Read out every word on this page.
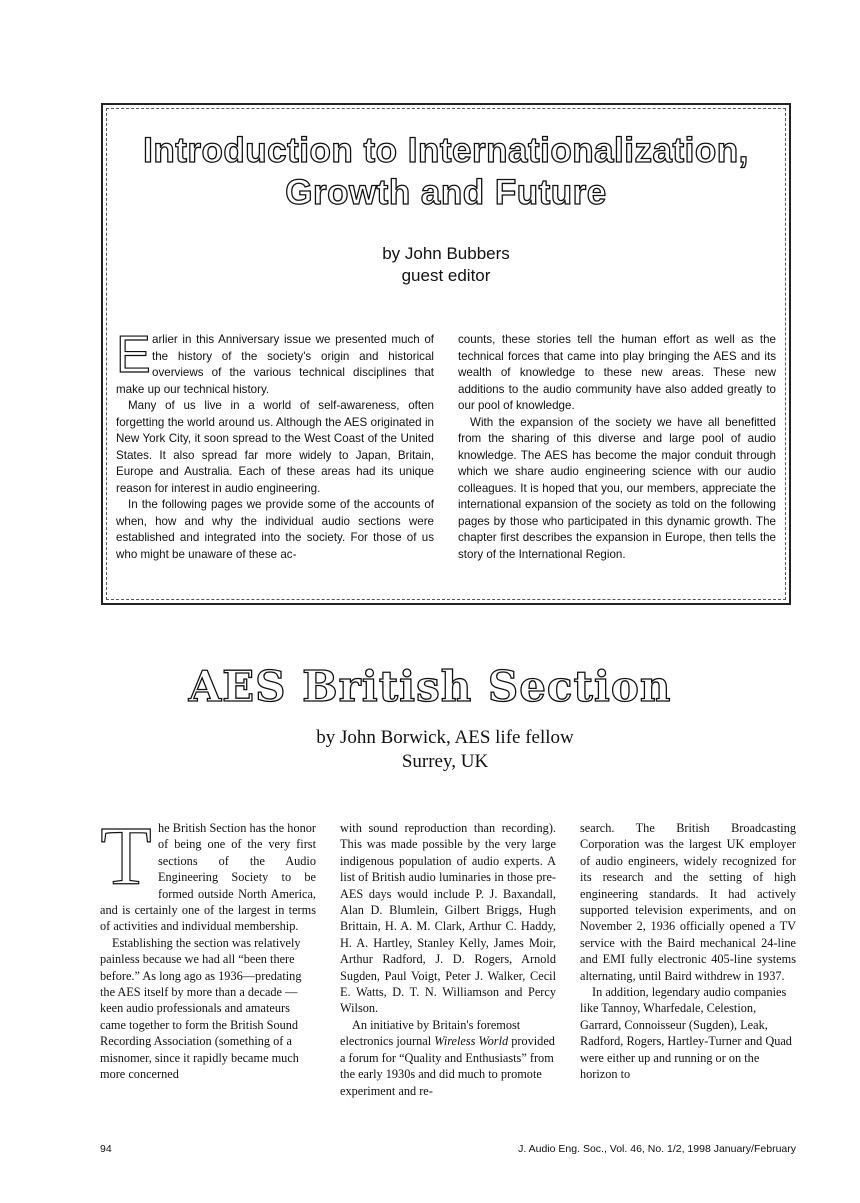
Introduction to Internationalization,
Growth and Future
by John Bubbers
guest editor

Earlier in this Anniversary issue we presented much of the history of the society's origin and historical overviews of the various technical disciplines that make up our technical history.

Many of us live in a world of self-awareness, often forgetting the world around us. Although the AES originated in New York City, it soon spread to the West Coast of the United States. It also spread far more widely to Japan, Britain, Europe and Australia. Each of these areas had its unique reason for interest in audio engineering.

In the following pages we provide some of the accounts of when, how and why the individual audio sections were established and integrated into the society. For those of us who might be unaware of these ac-

counts, these stories tell the human effort as well as the technical forces that came into play bringing the AES and its wealth of knowledge to these new areas. These new additions to the audio community have also added greatly to our pool of knowledge.

With the expansion of the society we have all benefitted from the sharing of this diverse and large pool of audio knowledge. The AES has become the major conduit through which we share audio engineering science with our audio colleagues. It is hoped that you, our members, appreciate the international expansion of the society as told on the following pages by those who participated in this dynamic growth. The chapter first describes the expansion in Europe, then tells the story of the International Region.

AES British Section
by John Borwick, AES life fellow
Surrey, UK

The British Section has the honor of being one of the very first sections of the Audio Engineering Society to be formed outside North America, and is certainly one of the largest in terms of activities and individual membership.

Establishing the section was relatively painless because we had all “been there before.” As long ago as 1936—predating the AES itself by more than a decade — keen audio professionals and amateurs came together to form the British Sound Recording Association (something of a misnomer, since it rapidly became much more concerned

with sound reproduction than recording). This was made possible by the very large indigenous population of audio experts. A list of British audio luminaries in those pre-AES days would include P. J. Baxandall, Alan D. Blumlein, Gilbert Briggs, Hugh Brittain, H. A. M. Clark, Arthur C. Haddy, H. A. Hartley, Stanley Kelly, James Moir, Arthur Radford, J. D. Rogers, Arnold Sugden, Paul Voigt, Peter J. Walker, Cecil E. Watts, D. T. N. Williamson and Percy Wilson.

An initiative by Britain's foremost electronics journal Wireless World provided a forum for “Quality and Enthusiasts” from the early 1930s and did much to promote experiment and re-

search. The British Broadcasting Corporation was the largest UK employer of audio engineers, widely recognized for its research and the setting of high engineering standards. It had actively supported television experiments, and on November 2, 1936 officially opened a TV service with the Baird mechanical 24-line and EMI fully electronic 405-line systems alternating, until Baird withdrew in 1937.

In addition, legendary audio companies like Tannoy, Wharfedale, Celestion, Garrard, Connoisseur (Sugden), Leak, Radford, Rogers, Hartley-Turner and Quad were either up and running or on the horizon to

94	J. Audio Eng. Soc., Vol. 46, No. 1/2, 1998 January/February
